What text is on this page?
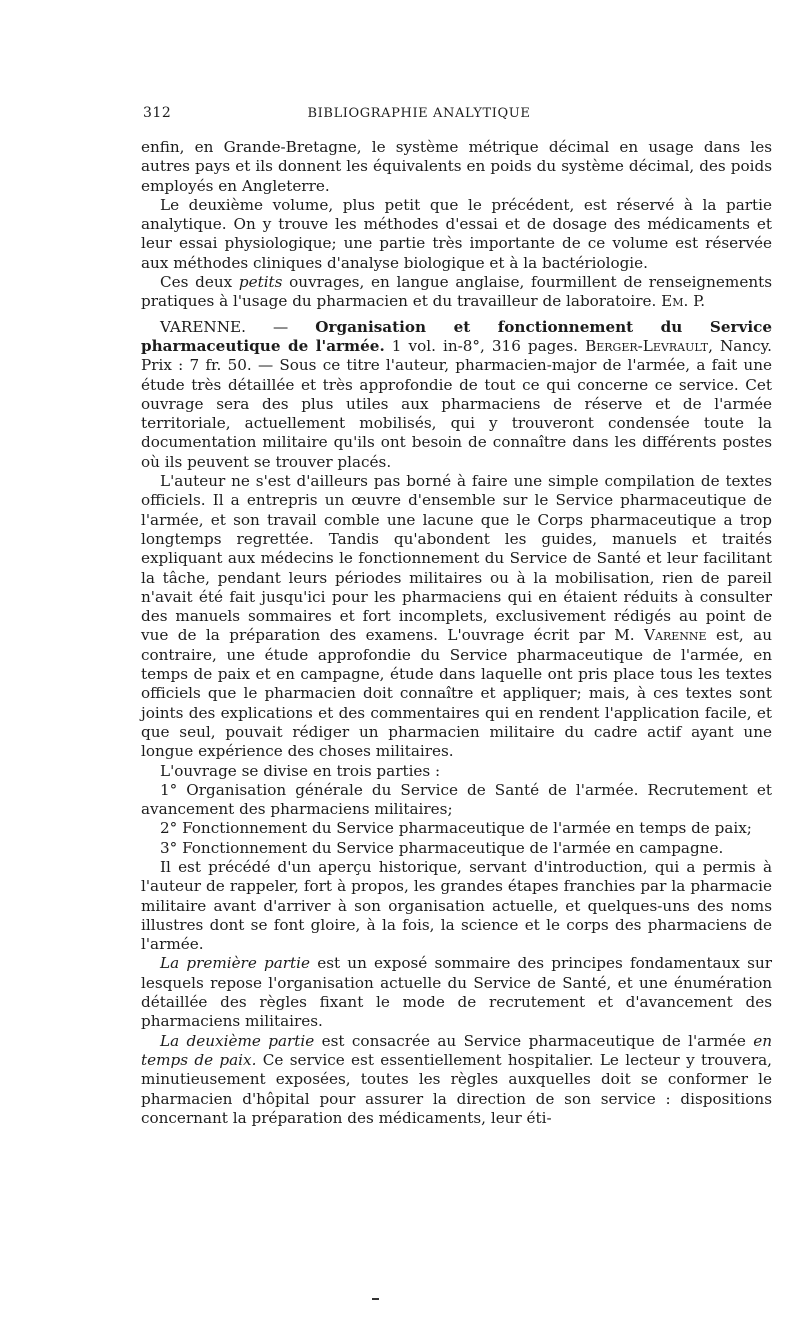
312	BIBLIOGRAPHIE ANALYTIQUE

enfin, en Grande-Bretagne, le système métrique décimal en usage dans les autres pays et ils donnent les équivalents en poids du système décimal, des poids employés en Angleterre.

Le deuxième volume, plus petit que le précédent, est réservé à la partie analytique. On y trouve les méthodes d'essai et de dosage des médicaments et leur essai physiologique; une partie très importante de ce volume est réservée aux méthodes cliniques d'analyse biologique et à la bactériologie.

Ces deux petits ouvrages, en langue anglaise, fourmillent de renseignements pratiques à l'usage du pharmacien et du travailleur de laboratoire. Em. P.

VARENNE. — Organisation et fonctionnement du Service pharmaceutique de l'armée. 1 vol. in-8°, 316 pages. Berger-Levrault, Nancy. Prix : 7 fr. 50. — Sous ce titre l'auteur, pharmacien-major de l'armée, a fait une étude très détaillée et très approfondie de tout ce qui concerne ce service. Cet ouvrage sera des plus utiles aux pharmaciens de réserve et de l'armée territoriale, actuellement mobilisés, qui y trouveront condensée toute la documentation militaire qu'ils ont besoin de connaître dans les différents postes où ils peuvent se trouver placés.

L'auteur ne s'est d'ailleurs pas borné à faire une simple compilation de textes officiels. Il a entrepris un œuvre d'ensemble sur le Service pharmaceutique de l'armée, et son travail comble une lacune que le Corps pharmaceutique a trop longtemps regrettée. Tandis qu'abondent les guides, manuels et traités expliquant aux médecins le fonctionnement du Service de Santé et leur facilitant la tâche, pendant leurs périodes militaires ou à la mobilisation, rien de pareil n'avait été fait jusqu'ici pour les pharmaciens qui en étaient réduits à consulter des manuels sommaires et fort incomplets, exclusivement rédigés au point de vue de la préparation des examens. L'ouvrage écrit par M. Varenne est, au contraire, une étude approfondie du Service pharmaceutique de l'armée, en temps de paix et en campagne, étude dans laquelle ont pris place tous les textes officiels que le pharmacien doit connaître et appliquer; mais, à ces textes sont joints des explications et des commentaires qui en rendent l'application facile, et que seul, pouvait rédiger un pharmacien militaire du cadre actif ayant une longue expérience des choses militaires.

L'ouvrage se divise en trois parties :

1° Organisation générale du Service de Santé de l'armée. Recrutement et avancement des pharmaciens militaires;

2° Fonctionnement du Service pharmaceutique de l'armée en temps de paix;

3° Fonctionnement du Service pharmaceutique de l'armée en campagne.

Il est précédé d'un aperçu historique, servant d'introduction, qui a permis à l'auteur de rappeler, fort à propos, les grandes étapes franchies par la pharmacie militaire avant d'arriver à son organisation actuelle, et quelques-uns des noms illustres dont se font gloire, à la fois, la science et le corps des pharmaciens de l'armée.

La première partie est un exposé sommaire des principes fondamentaux sur lesquels repose l'organisation actuelle du Service de Santé, et une énumération détaillée des règles fixant le mode de recrutement et d'avancement des pharmaciens militaires.

La deuxième partie est consacrée au Service pharmaceutique de l'armée en temps de paix. Ce service est essentiellement hospitalier. Le lecteur y trouvera, minutieusement exposées, toutes les règles auxquelles doit se conformer le pharmacien d'hôpital pour assurer la direction de son service : dispositions concernant la préparation des médicaments, leur éti-
